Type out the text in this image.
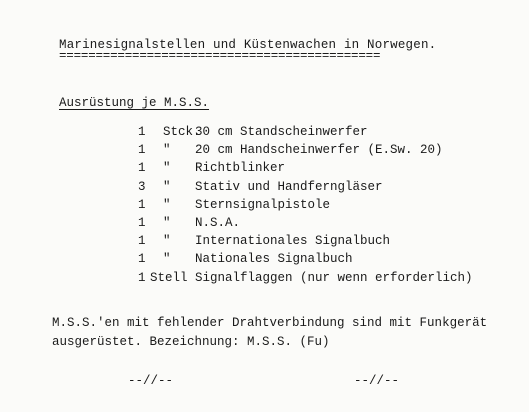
Marinesignalstellen und Küstenwachen in Norwegen.
============================================
Ausrüstung je M.S.S.
1 Stck.
30 cm Standscheinwerfer
1 " 20 cm Handscheinwerfer (E.Sw. 20)
1 " Richtblinker
3 " Stativ und Handferngläser
1 " Sternsignalpistole
1 " N.S.A.
1 " Internationales Signalbuch
1 " Nationales Signalbuch
1 Stell Signalflaggen (nur wenn erforderlich)
M.S.S.'en mit fehlender Drahtverbindung sind mit Funkgerät
ausgerüstet. Bezeichnung: M.S.S. (Fu)
--//--	--//--
